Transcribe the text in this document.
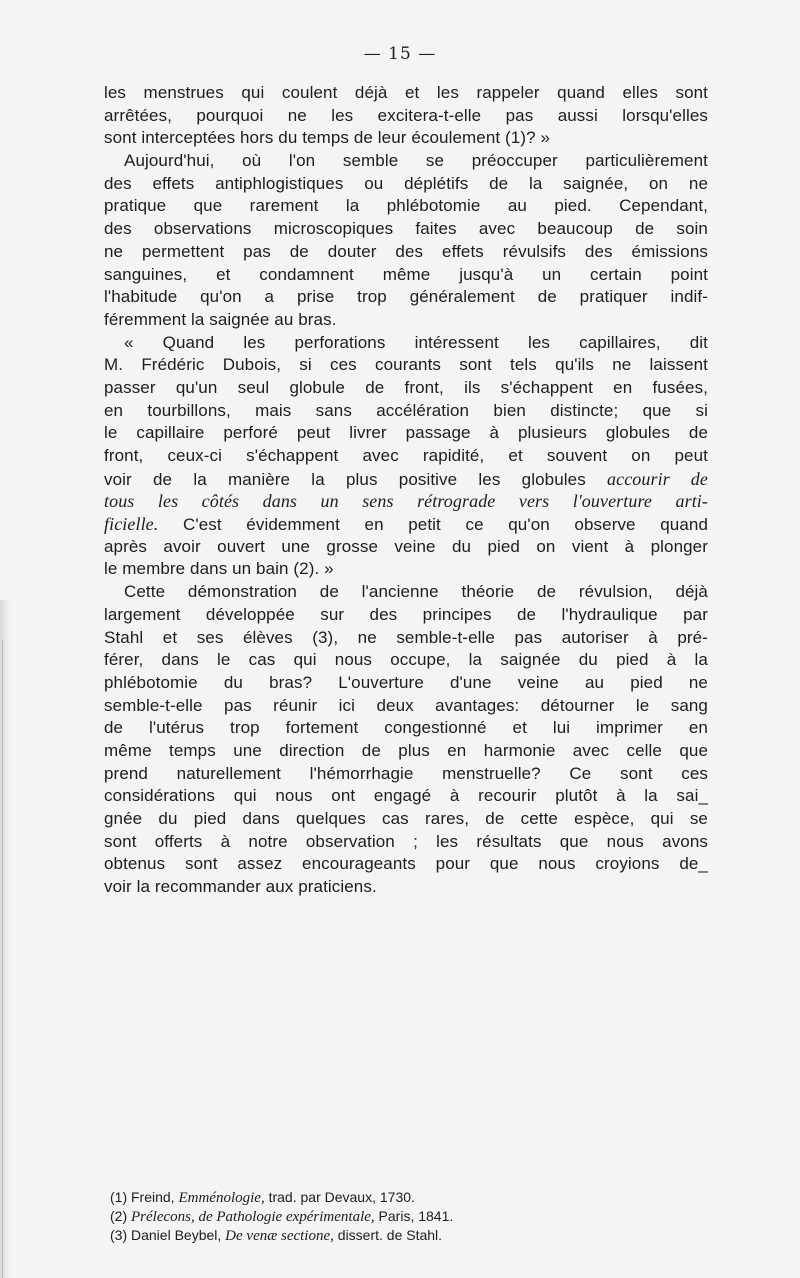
— 15 —
les menstrues qui coulent déjà et les rappeler quand elles sont
arrêtées, pourquoi ne les excitera-t-elle pas aussi lorsqu'elles
sont interceptées hors du temps de leur écoulement (1)? »
Aujourd'hui, où l'on semble se préoccuper particulièrement
des effets antiphlogistiques ou déplétifs de la saignée, on ne
pratique que rarement la phlébotomie au pied. Cependant,
des observations microscopiques faites avec beaucoup de soin
ne permettent pas de douter des effets révulsifs des émissions
sanguines, et condamnent même jusqu'à un certain point
l'habitude qu'on a prise trop généralement de pratiquer indif-
féremment la saignée au bras.
« Quand les perforations intéressent les capillaires, dit
M. Frédéric Dubois, si ces courants sont tels qu'ils ne laissent
passer qu'un seul globule de front, ils s'échappent en fusées,
en tourbillons, mais sans accélération bien distincte; que si
le capillaire perforé peut livrer passage à plusieurs globules de
front, ceux-ci s'échappent avec rapidité, et souvent on peut
voir de la manière la plus positive les globules accourir de
tous les côtés dans un sens rétrograde vers l'ouverture arti-
ficielle. C'est évidemment en petit ce qu'on observe quand
après avoir ouvert une grosse veine du pied on vient à plonger
le membre dans un bain (2). »
Cette démonstration de l'ancienne théorie de révulsion, déjà
largement développée sur des principes de l'hydraulique par
Stahl et ses élèves (3), ne semble-t-elle pas autoriser à pré-
férer, dans le cas qui nous occupe, la saignée du pied à la
phlébotomie du bras? L'ouverture d'une veine au pied ne
semble-t-elle pas réunir ici deux avantages: détourner le sang
de l'utérus trop fortement congestionné et lui imprimer en
même temps une direction de plus en harmonie avec celle que
prend naturellement l'hémorrhagie menstruelle? Ce sont ces
considérations qui nous ont engagé à recourir plutôt à la sai_
gnée du pied dans quelques cas rares, de cette espèce, qui se
sont offerts à notre observation ; les résultats que nous avons
obtenus sont assez encourageants pour que nous croyions de_
voir la recommander aux praticiens.
(1) Freind, Emménologie, trad. par Devaux, 1730.
(2) Prélecons, de Pathologie expérimentale, Paris, 1841.
(3) Daniel Beybel, De venæ sectione, dissert. de Stahl.
